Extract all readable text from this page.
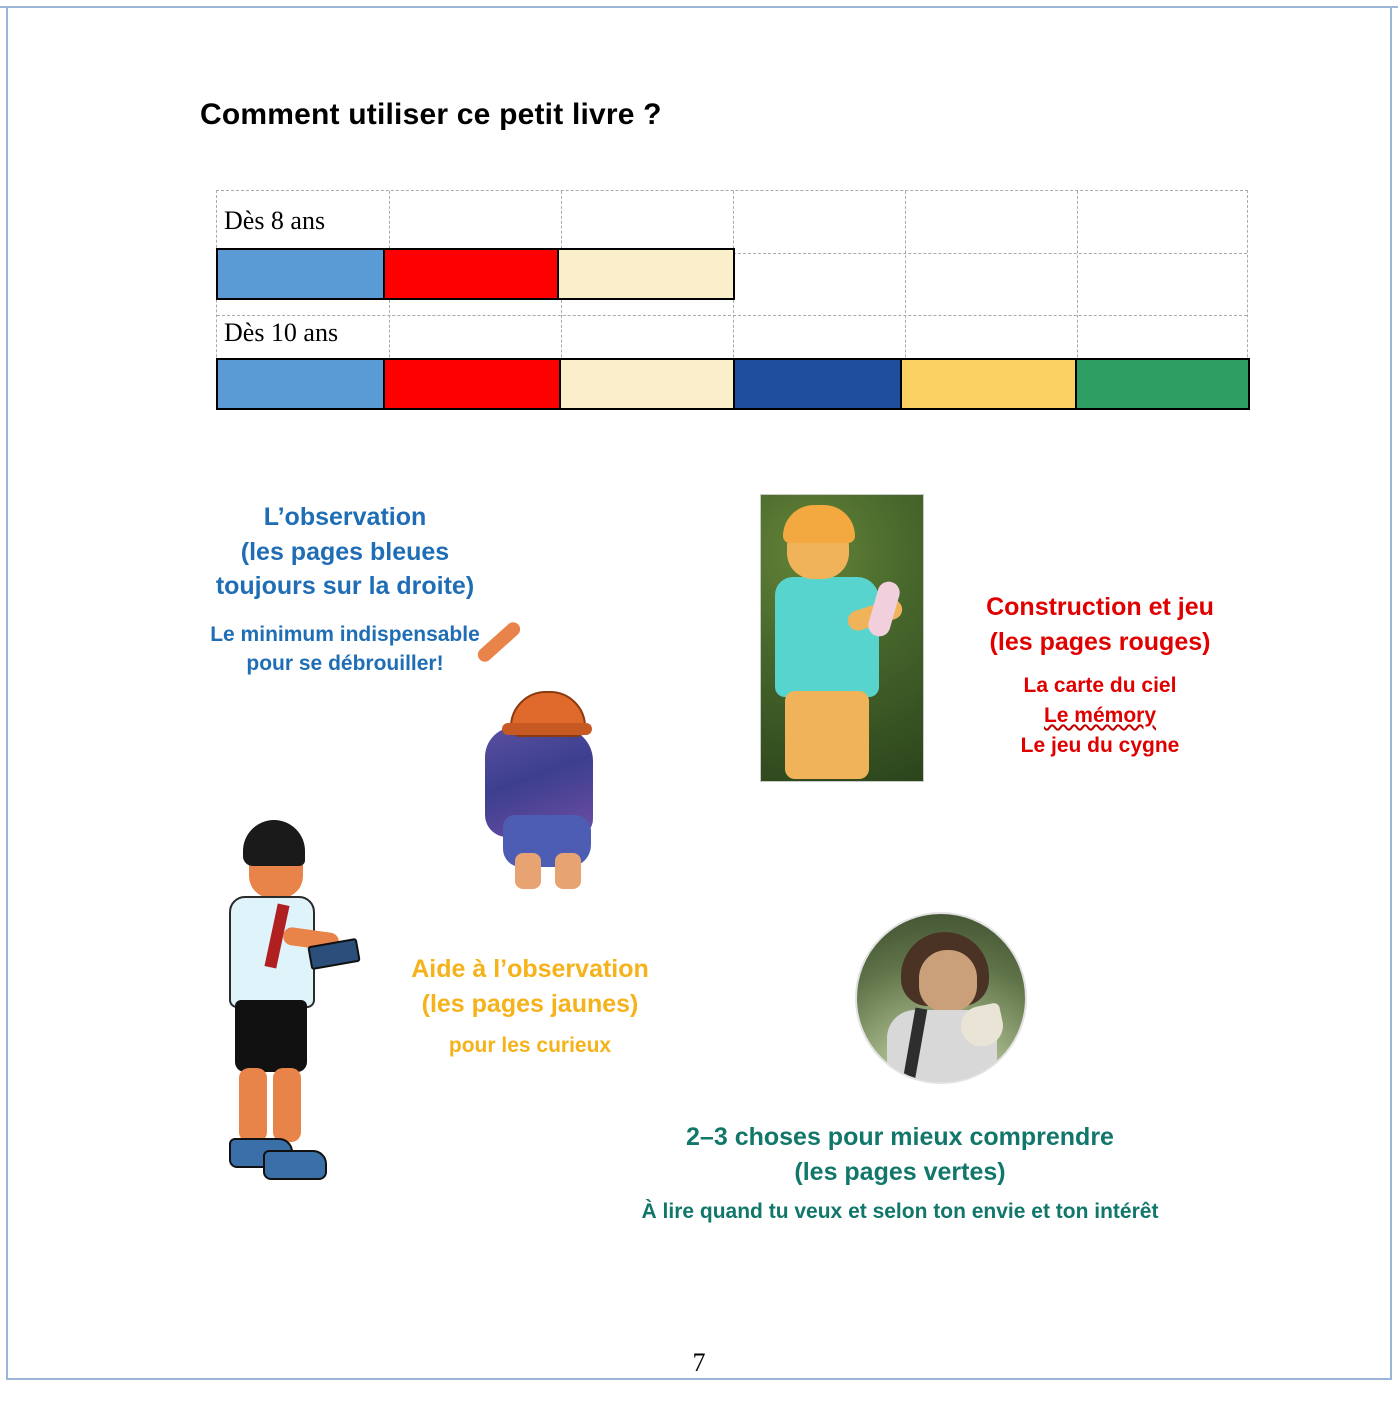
Comment utiliser ce petit livre ?
Dès 8 ans
Dès 10 ans
L’observation
(les pages bleues
toujours sur la droite)
Le minimum indispensable
pour se débrouiller!
Construction et jeu
(les pages rouges)
La carte du ciel
Le mémory
Le jeu du cygne
Aide à l’observation
(les pages jaunes)
pour les curieux
2–3 choses pour mieux comprendre
(les pages vertes)
À lire quand tu veux et selon ton envie et ton intérêt
7
